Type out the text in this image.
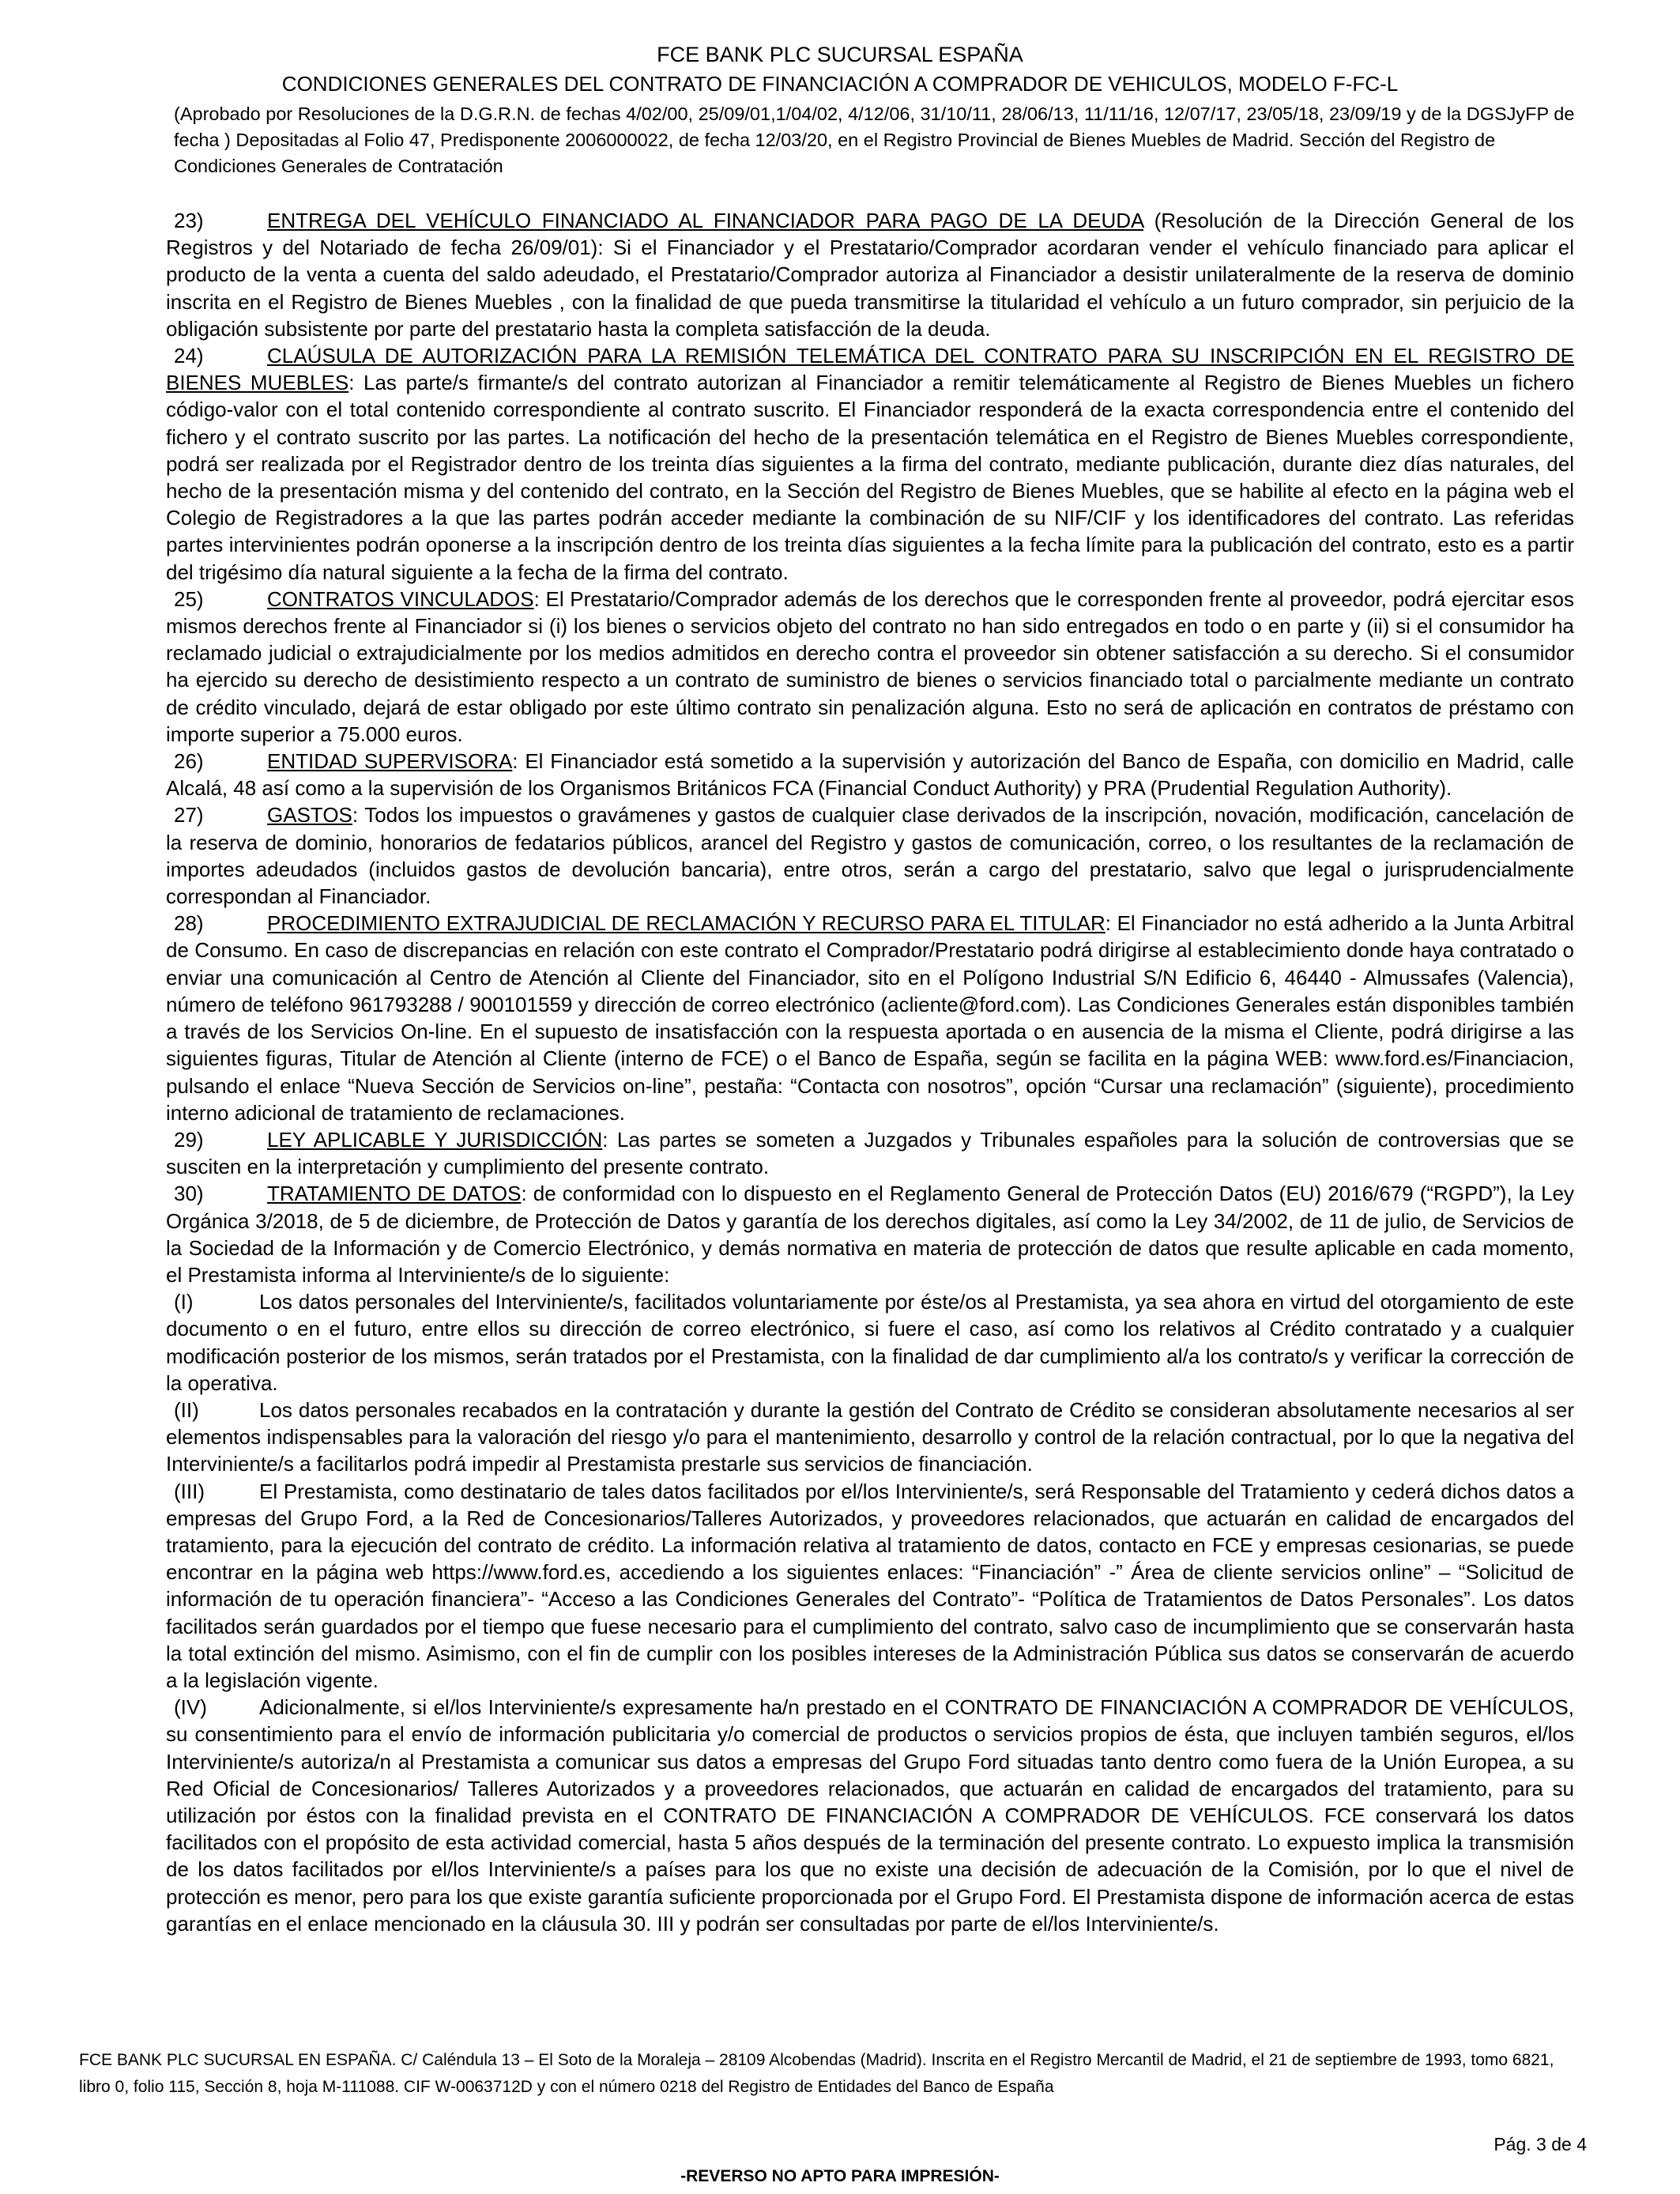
FCE BANK PLC SUCURSAL ESPAÑA
CONDICIONES GENERALES DEL CONTRATO DE FINANCIACIÓN A COMPRADOR DE VEHICULOS, MODELO F-FC-L
(Aprobado por Resoluciones de la D.G.R.N. de fechas 4/02/00, 25/09/01,1/04/02, 4/12/06, 31/10/11, 28/06/13, 11/11/16, 12/07/17, 23/05/18, 23/09/19 y de la DGSJyFP de fecha ) Depositadas al Folio 47, Predisponente 2006000022, de fecha 12/03/20, en el Registro Provincial de Bienes Muebles de Madrid. Sección del Registro de Condiciones Generales de Contratación

23)	ENTREGA DEL VEHÍCULO FINANCIADO AL FINANCIADOR PARA PAGO DE LA DEUDA (Resolución de la Dirección General de los Registros y del Notariado de fecha 26/09/01): Si el Financiador y el Prestatario/Comprador acordaran vender el vehículo financiado para aplicar el producto de la venta a cuenta del saldo adeudado, el Prestatario/Comprador autoriza al Financiador a desistir unilateralmente de la reserva de dominio inscrita en el Registro de Bienes Muebles , con la finalidad de que pueda transmitirse la titularidad el vehículo a un futuro comprador, sin perjuicio de la obligación subsistente por parte del prestatario hasta la completa satisfacción de la deuda.

24)	CLAÚSULA DE AUTORIZACIÓN PARA LA REMISIÓN TELEMÁTICA DEL CONTRATO PARA SU INSCRIPCIÓN EN EL REGISTRO DE BIENES MUEBLES: Las parte/s firmante/s del contrato autorizan al Financiador a remitir telemáticamente al Registro de Bienes Muebles un fichero código-valor con el total contenido correspondiente al contrato suscrito. El Financiador responderá de la exacta correspondencia entre el contenido del fichero y el contrato suscrito por las partes. La notificación del hecho de la presentación telemática en el Registro de Bienes Muebles correspondiente, podrá ser realizada por el Registrador dentro de los treinta días siguientes a la firma del contrato, mediante publicación, durante diez días naturales, del hecho de la presentación misma y del contenido del contrato, en la Sección del Registro de Bienes Muebles, que se habilite al efecto en la página web el Colegio de Registradores a la que las partes podrán acceder mediante la combinación de su NIF/CIF y los identificadores del contrato. Las referidas partes intervinientes podrán oponerse a la inscripción dentro de los treinta días siguientes a la fecha límite para la publicación del contrato, esto es a partir del trigésimo día natural siguiente a la fecha de la firma del contrato.

25)	CONTRATOS VINCULADOS: El Prestatario/Comprador además de los derechos que le corresponden frente al proveedor, podrá ejercitar esos mismos derechos frente al Financiador si (i) los bienes o servicios objeto del contrato no han sido entregados en todo o en parte y (ii) si el consumidor ha reclamado judicial o extrajudicialmente por los medios admitidos en derecho contra el proveedor sin obtener satisfacción a su derecho. Si el consumidor ha ejercido su derecho de desistimiento respecto a un contrato de suministro de bienes o servicios financiado total o parcialmente mediante un contrato de crédito vinculado, dejará de estar obligado por este último contrato sin penalización alguna. Esto no será de aplicación en contratos de préstamo con importe superior a 75.000 euros.

26)	ENTIDAD SUPERVISORA: El Financiador está sometido a la supervisión y autorización del Banco de España, con domicilio en Madrid, calle Alcalá, 48 así como a la supervisión de los Organismos Británicos FCA (Financial Conduct Authority) y PRA (Prudential Regulation Authority).

27)	GASTOS: Todos los impuestos o gravámenes y gastos de cualquier clase derivados de la inscripción, novación, modificación, cancelación de la reserva de dominio, honorarios de fedatarios públicos, arancel del Registro y gastos de comunicación, correo, o los resultantes de la reclamación de importes adeudados (incluidos gastos de devolución bancaria), entre otros, serán a cargo del prestatario, salvo que legal o jurisprudencialmente correspondan al Financiador.

28)	PROCEDIMIENTO EXTRAJUDICIAL DE RECLAMACIÓN Y RECURSO PARA EL TITULAR: El Financiador no está adherido a la Junta Arbitral de Consumo. En caso de discrepancias en relación con este contrato el Comprador/Prestatario podrá dirigirse al establecimiento donde haya contratado o enviar una comunicación al Centro de Atención al Cliente del Financiador, sito en el Polígono Industrial S/N Edificio 6, 46440 - Almussafes (Valencia), número de teléfono 961793288 / 900101559 y dirección de correo electrónico (acliente@ford.com). Las Condiciones Generales están disponibles también a través de los Servicios On-line. En el supuesto de insatisfacción con la respuesta aportada o en ausencia de la misma el Cliente, podrá dirigirse a las siguientes figuras, Titular de Atención al Cliente (interno de FCE) o el Banco de España, según se facilita en la página WEB: www.ford.es/Financiacion, pulsando el enlace “Nueva Sección de Servicios on-line”, pestaña: “Contacta con nosotros”, opción “Cursar una reclamación” (siguiente), procedimiento interno adicional de tratamiento de reclamaciones.

29)	LEY APLICABLE Y JURISDICCIÓN: Las partes se someten a Juzgados y Tribunales españoles para la solución de controversias que se susciten en la interpretación y cumplimiento del presente contrato.

30)	TRATAMIENTO DE DATOS: de conformidad con lo dispuesto en el Reglamento General de Protección Datos (EU) 2016/679 (“RGPD”), la Ley Orgánica 3/2018, de 5 de diciembre, de Protección de Datos y garantía de los derechos digitales, así como la Ley 34/2002, de 11 de julio, de Servicios de la Sociedad de la Información y de Comercio Electrónico, y demás normativa en materia de protección de datos que resulte aplicable en cada momento, el Prestamista informa al Interviniente/s de lo siguiente:

(I)	Los datos personales del Interviniente/s, facilitados voluntariamente por éste/os al Prestamista, ya sea ahora en virtud del otorgamiento de este documento o en el futuro, entre ellos su dirección de correo electrónico, si fuere el caso, así como los relativos al Crédito contratado y a cualquier modificación posterior de los mismos, serán tratados por el Prestamista, con la finalidad de dar cumplimiento al/a los contrato/s y verificar la corrección de la operativa.

(II)	Los datos personales recabados en la contratación y durante la gestión del Contrato de Crédito se consideran absolutamente necesarios al ser elementos indispensables para la valoración del riesgo y/o para el mantenimiento, desarrollo y control de la relación contractual, por lo que la negativa del Interviniente/s a facilitarlos podrá impedir al Prestamista prestarle sus servicios de financiación.

(III)	El Prestamista, como destinatario de tales datos facilitados por el/los Interviniente/s, será Responsable del Tratamiento y cederá dichos datos a empresas del Grupo Ford, a la Red de Concesionarios/Talleres Autorizados, y proveedores relacionados, que actuarán en calidad de encargados del tratamiento, para la ejecución del contrato de crédito. La información relativa al tratamiento de datos, contacto en FCE y empresas cesionarias, se puede encontrar en la página web https://www.ford.es, accediendo a los siguientes enlaces: “Financiación” -” Área de cliente servicios online” – “Solicitud de información de tu operación financiera”- “Acceso a las Condiciones Generales del Contrato”- “Política de Tratamientos de Datos Personales”. Los datos facilitados serán guardados por el tiempo que fuese necesario para el cumplimiento del contrato, salvo caso de incumplimiento que se conservarán hasta la total extinción del mismo. Asimismo, con el fin de cumplir con los posibles intereses de la Administración Pública sus datos se conservarán de acuerdo a la legislación vigente.

(IV)	Adicionalmente, si el/los Interviniente/s expresamente ha/n prestado en el CONTRATO DE FINANCIACIÓN A COMPRADOR DE VEHÍCULOS, su consentimiento para el envío de información publicitaria y/o comercial de productos o servicios propios de ésta, que incluyen también seguros, el/los Interviniente/s autoriza/n al Prestamista a comunicar sus datos a empresas del Grupo Ford situadas tanto dentro como fuera de la Unión Europea, a su Red Oficial de Concesionarios/ Talleres Autorizados y a proveedores relacionados, que actuarán en calidad de encargados del tratamiento, para su utilización por éstos con la finalidad prevista en el CONTRATO DE FINANCIACIÓN A COMPRADOR DE VEHÍCULOS. FCE conservará los datos facilitados con el propósito de esta actividad comercial, hasta 5 años después de la terminación del presente contrato. Lo expuesto implica la transmisión de los datos facilitados por el/los Interviniente/s a países para los que no existe una decisión de adecuación de la Comisión, por lo que el nivel de protección es menor, pero para los que existe garantía suficiente proporcionada por el Grupo Ford. El Prestamista dispone de información acerca de estas garantías en el enlace mencionado en la cláusula 30. III y podrán ser consultadas por parte de el/los Interviniente/s.

FCE BANK PLC SUCURSAL EN ESPAÑA. C/ Caléndula 13 – El Soto de la Moraleja – 28109 Alcobendas (Madrid). Inscrita en el Registro Mercantil de Madrid, el 21 de septiembre de 1993, tomo 6821, libro 0, folio 115, Sección 8, hoja M-111088. CIF W-0063712D y con el número 0218 del Registro de Entidades del Banco de España
Pág. 3 de 4
-REVERSO NO APTO PARA IMPRESIÓN-
